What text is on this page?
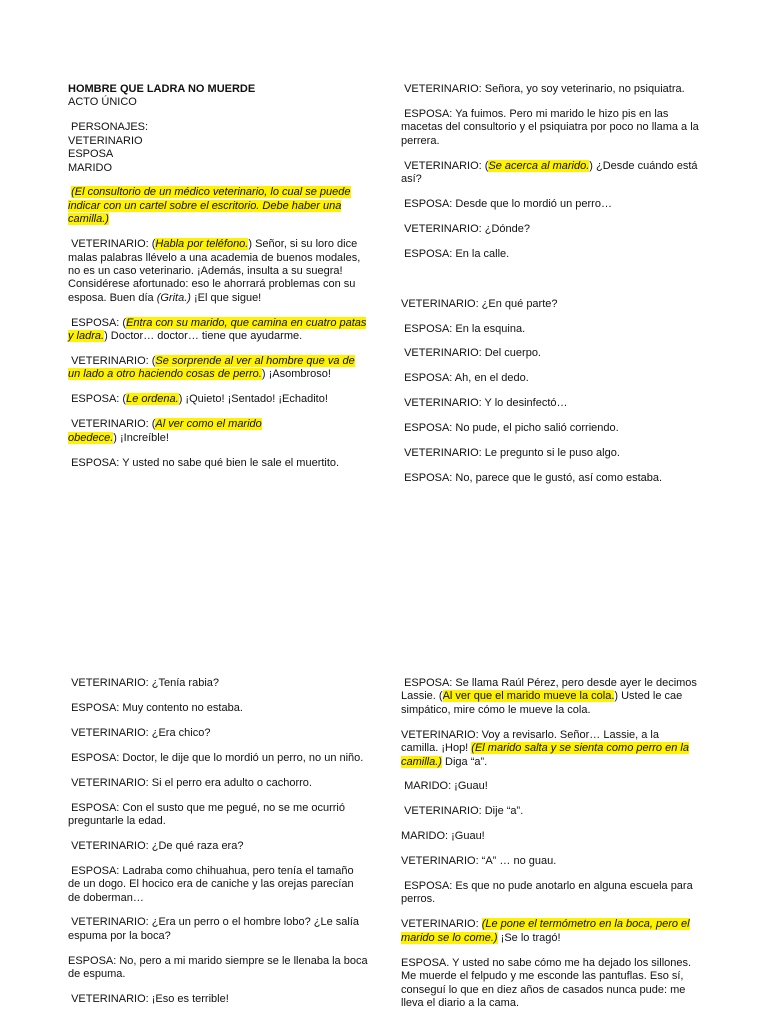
HOMBRE QUE LADRA NO MUERDE
ACTO ÚNICO
PERSONAJES:
VETERINARIO
ESPOSA
MARIDO
(El consultorio de un médico veterinario, lo cual se puede indicar con un cartel sobre el escritorio. Debe haber una camilla.)
VETERINARIO: (Habla por teléfono.) Señor, si su loro dice malas palabras llévelo a una academia de buenos modales, no es un caso veterinario. ¡Además, insulta a su suegra! Considérese afortunado: eso le ahorrará problemas con su esposa. Buen día (Grita.) ¡El que sigue!
ESPOSA: (Entra con su marido, que camina en cuatro patas y ladra.) Doctor… doctor… tiene que ayudarme.
VETERINARIO: (Se sorprende al ver al hombre que va de un lado a otro haciendo cosas de perro.) ¡Asombroso!
ESPOSA: (Le ordena.) ¡Quieto! ¡Sentado! ¡Echadito!
VETERINARIO: (Al ver como el marido obedece.) ¡Increíble!
ESPOSA: Y usted no sabe qué bien le sale el muertito.
VETERINARIO: Señora, yo soy veterinario, no psiquiatra.
ESPOSA: Ya fuimos. Pero mi marido le hizo pis en las macetas del consultorio y el psiquiatra por poco no llama a la perrera.
VETERINARIO: (Se acerca al marido.) ¿Desde cuándo está así?
ESPOSA: Desde que lo mordió un perro…
VETERINARIO: ¿Dónde?
ESPOSA: En la calle.
VETERINARIO: ¿En qué parte?
ESPOSA: En la esquina.
VETERINARIO: Del cuerpo.
ESPOSA: Ah, en el dedo.
VETERINARIO: Y lo desinfectó…
ESPOSA: No pude, el picho salió corriendo.
VETERINARIO: Le pregunto si le puso algo.
ESPOSA: No, parece que le gustó, así como estaba.
VETERINARIO: ¿Tenía rabia?
ESPOSA: Muy contento no estaba.
VETERINARIO: ¿Era chico?
ESPOSA: Doctor, le dije que lo mordió un perro, no un niño.
VETERINARIO: Si el perro era adulto o cachorro.
ESPOSA: Con el susto que me pegué, no se me ocurrió preguntarle la edad.
VETERINARIO: ¿De qué raza era?
ESPOSA: Ladraba como chihuahua, pero tenía el tamaño de un dogo. El hocico era de caniche y las orejas parecían de doberman…
VETERINARIO: ¿Era un perro o el hombre lobo? ¿Le salía espuma por la boca?
ESPOSA: No, pero a mi marido siempre se le llenaba la boca de espuma.
VETERINARIO: ¡Eso es terrible!
ESPOSA: Se llama Raúl Pérez, pero desde ayer le decimos Lassie. (Al ver que el marido mueve la cola.) Usted le cae simpático, mire cómo le mueve la cola.
VETERINARIO: Voy a revisarlo. Señor… Lassie, a la camilla. ¡Hop! (El marido salta y se sienta como perro en la camilla.) Diga “a”.
MARIDO: ¡Guau!
VETERINARIO: Dije “a”.
MARIDO: ¡Guau!
VETERINARIO: “A” … no guau.
ESPOSA: Es que no pude anotarlo en alguna escuela para perros.
VETERINARIO: (Le pone el termómetro en la boca, pero el marido se lo come.) ¡Se lo tragó!
ESPOSA. Y usted no sabe cómo me ha dejado los sillones. Me muerde el felpudo y me esconde las pantuflas. Eso sí, conseguí lo que en diez años de casados nunca pude: me lleva el diario a la cama.
